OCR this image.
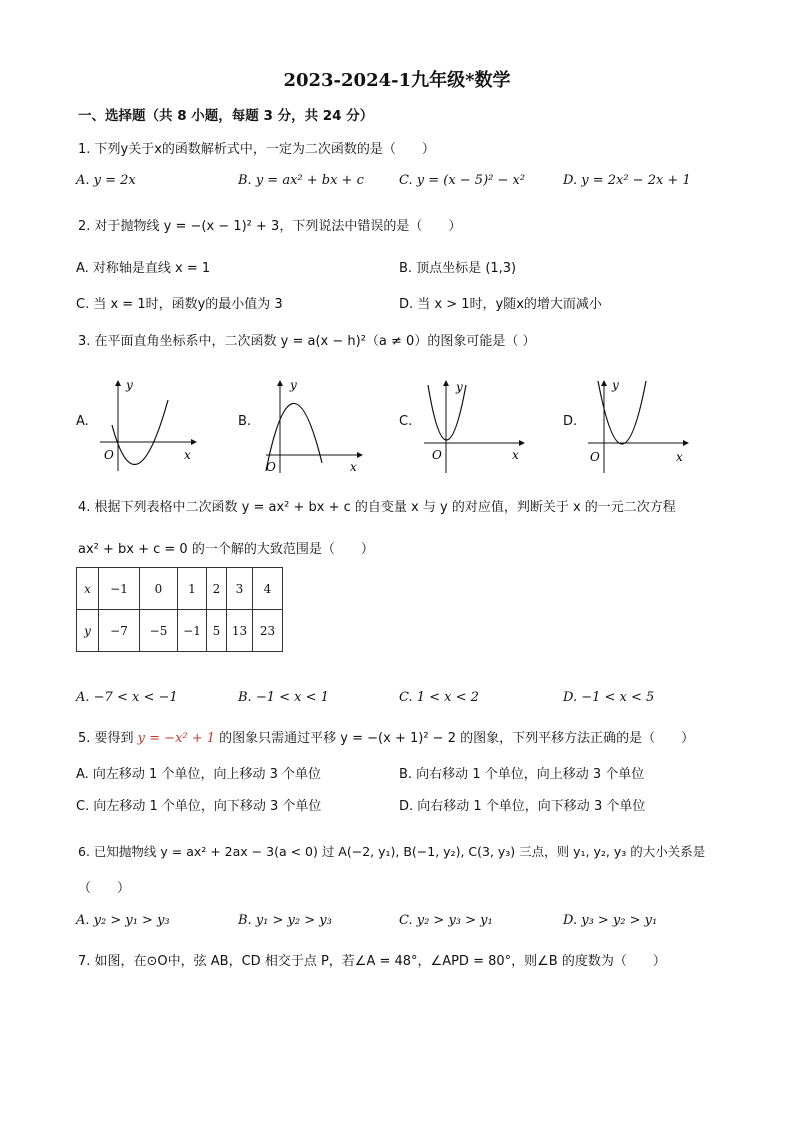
2023-2024-1九年级*数学
一、选择题（共 8 小题，每题 3 分，共 24 分）
1. 下列y关于x的函数解析式中，一定为二次函数的是（　　）
A. y = 2x	B. y = ax² + bx + c	C. y = (x − 5)² − x²	D. y = 2x² − 2x + 1
2. 对于抛物线 y = −(x − 1)² + 3，下列说法中错误的是（　　）
A. 对称轴是直线 x = 1	B. 顶点坐标是 (1,3)
C. 当 x = 1时，函数y的最小值为 3	D. 当 x > 1时，y随x的增大而减小
3. 在平面直角坐标系中，二次函数 y = a(x − h)²（a ≠ 0）的图象可能是（ ）
A.
y
x
O
B.
y
x
O
C.
y
x
O
D.
y
x
O
4. 根据下列表格中二次函数 y = ax² + bx + c 的自变量 x 与 y 的对应值，判断关于 x 的一元二次方程
ax² + bx + c = 0 的一个解的大致范围是（　　）
x	−1	0	1	2	3	4
y	−7	−5	−1	5	13	23
A. −7 < x < −1	B. −1 < x < 1	C. 1 < x < 2	D. −1 < x < 5
5. 要得到 y = −x² + 1 的图象只需通过平移 y = −(x + 1)² − 2 的图象，下列平移方法正确的是（　　）
A. 向左移动 1 个单位，向上移动 3 个单位	B. 向右移动 1 个单位，向上移动 3 个单位
C. 向左移动 1 个单位，向下移动 3 个单位	D. 向右移动 1 个单位，向下移动 3 个单位
6. 已知抛物线 y = ax² + 2ax − 3(a < 0) 过 A(−2, y₁), B(−1, y₂), C(3, y₃) 三点，则 y₁, y₂, y₃ 的大小关系是
（　　）
A. y₂ > y₁ > y₃	B. y₁ > y₂ > y₃	C. y₂ > y₃ > y₁	D. y₃ > y₂ > y₁
7. 如图，在⊙O中，弦 AB，CD 相交于点 P，若∠A = 48°，∠APD = 80°，则∠B 的度数为（　　）
